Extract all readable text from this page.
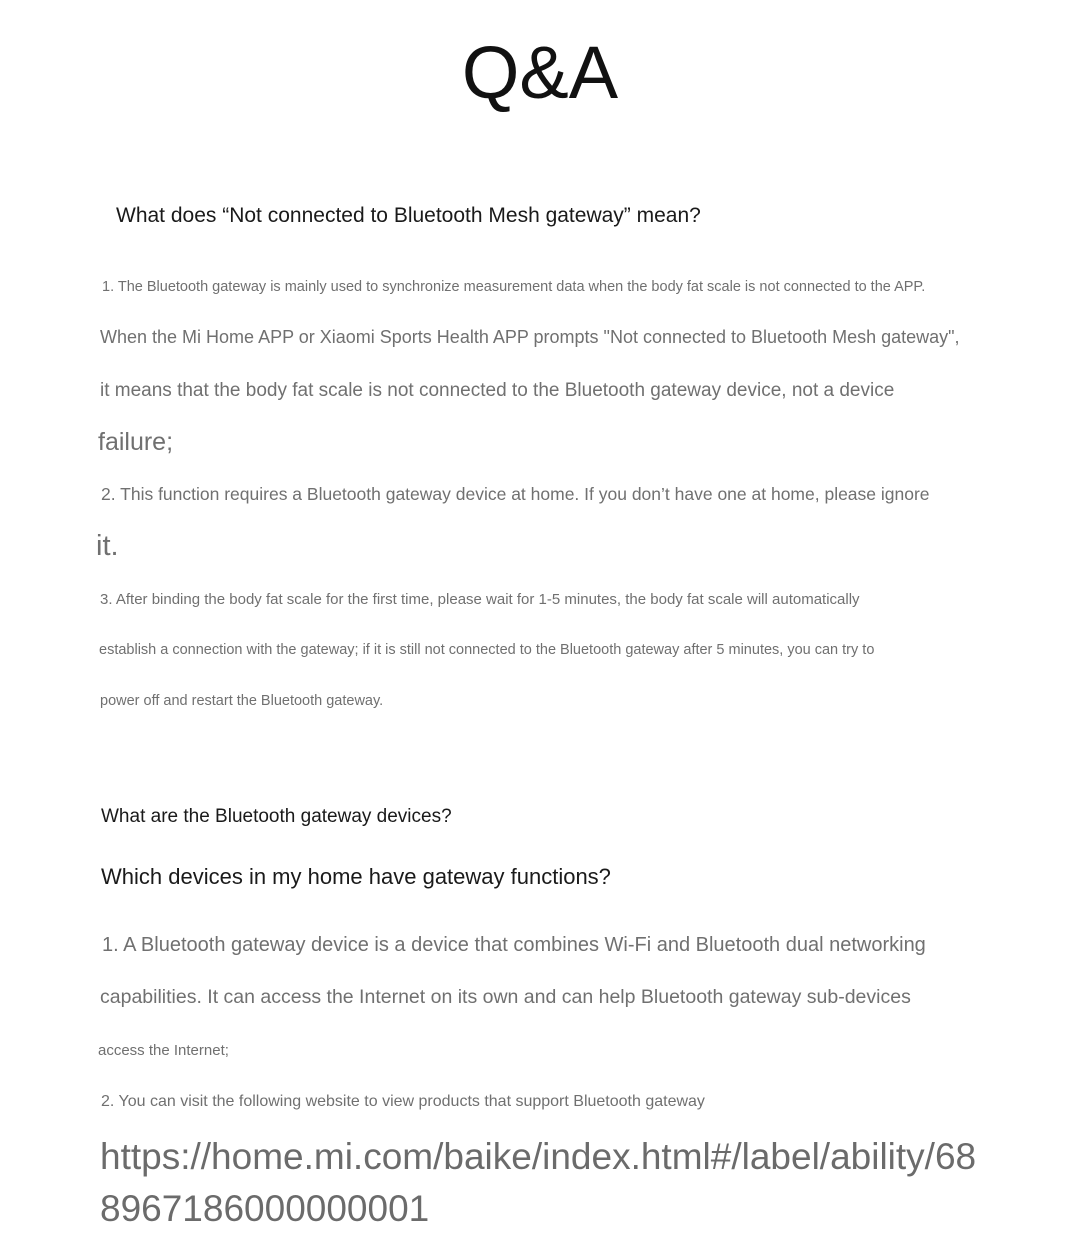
Q&A
What does “Not connected to Bluetooth Mesh gateway” mean?

1. The Bluetooth gateway is mainly used to synchronize measurement data when the body fat scale is not connected to the APP.

When the Mi Home APP or Xiaomi Sports Health APP prompts "Not connected to Bluetooth Mesh gateway",

it means that the body fat scale is not connected to the Bluetooth gateway device, not a device

failure;

2. This function requires a Bluetooth gateway device at home. If you don’t have one at home, please ignore

it.

3. After binding the body fat scale for the first time, please wait for 1-5 minutes, the body fat scale will automatically

establish a connection with the gateway; if it is still not connected to the Bluetooth gateway after 5 minutes, you can try to

power off and restart the Bluetooth gateway.

What are the Bluetooth gateway devices?
Which devices in my home have gateway functions?

1. A Bluetooth gateway device is a device that combines Wi-Fi and Bluetooth dual networking

capabilities. It can access the Internet on its own and can help Bluetooth gateway sub-devices

access the Internet;

2. You can visit the following website to view products that support Bluetooth gateway

https://home.mi.com/baike/index.html#/label/ability/68

8967186000000001
